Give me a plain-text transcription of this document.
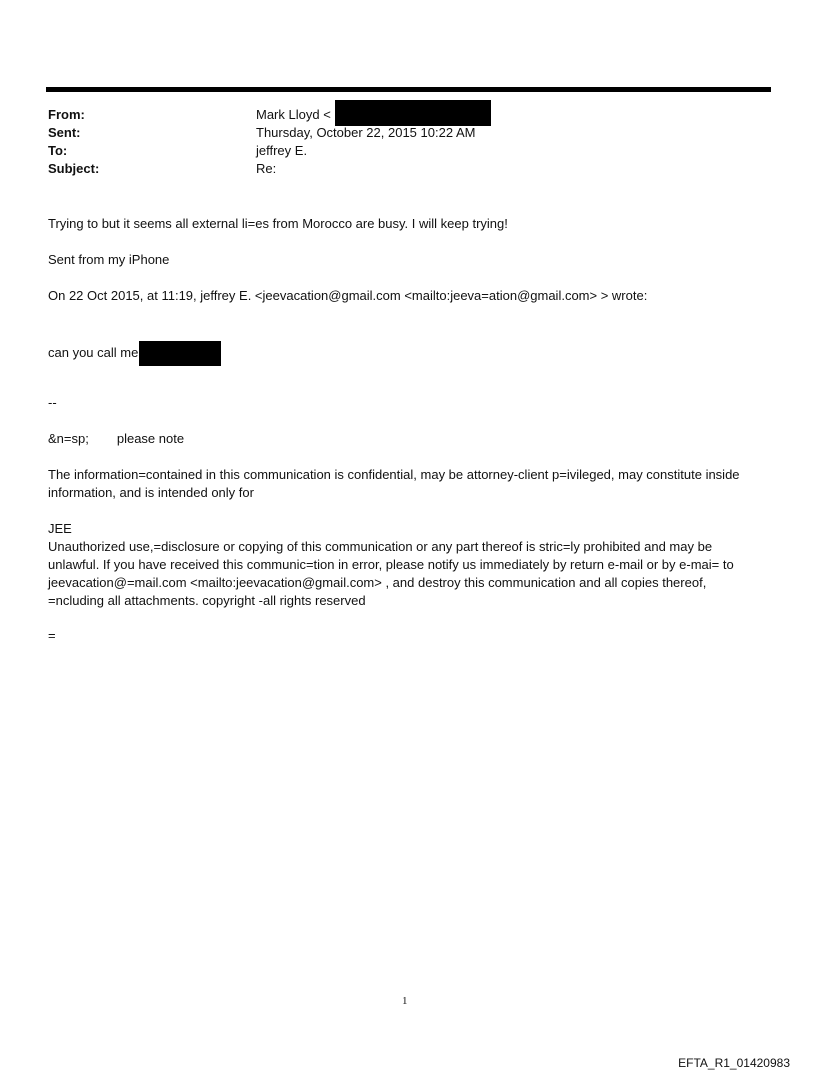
From:	Mark Lloyd <
Sent:	Thursday, October 22, 2015 10:22 AM
To:	jeffrey E.
Subject:	Re:
Trying to but it seems all external li=es from Morocco are busy. I will keep trying!
Sent from my iPhone
On 22 Oct 2015, at 11:19, jeffrey E. <jeevacation@gmail.com <mailto:jeeva=ation@gmail.com> > wrote:
can you call me
--
&n=sp; please note
The information=contained in this communication is confidential, may be attorney-client p=ivileged, may constitute inside information, and is intended only for
JEE
Unauthorized use,=disclosure or copying of this communication or any part thereof is stric=ly prohibited and may be unlawful. If you have received this communic=tion in error, please notify us immediately by return e-mail or by e-mai= to jeevacation@=mail.com <mailto:jeevacation@gmail.com> , and destroy this communication and all copies thereof, =ncluding all attachments. copyright -all rights reserved
=
1
EFTA_R1_01420983
